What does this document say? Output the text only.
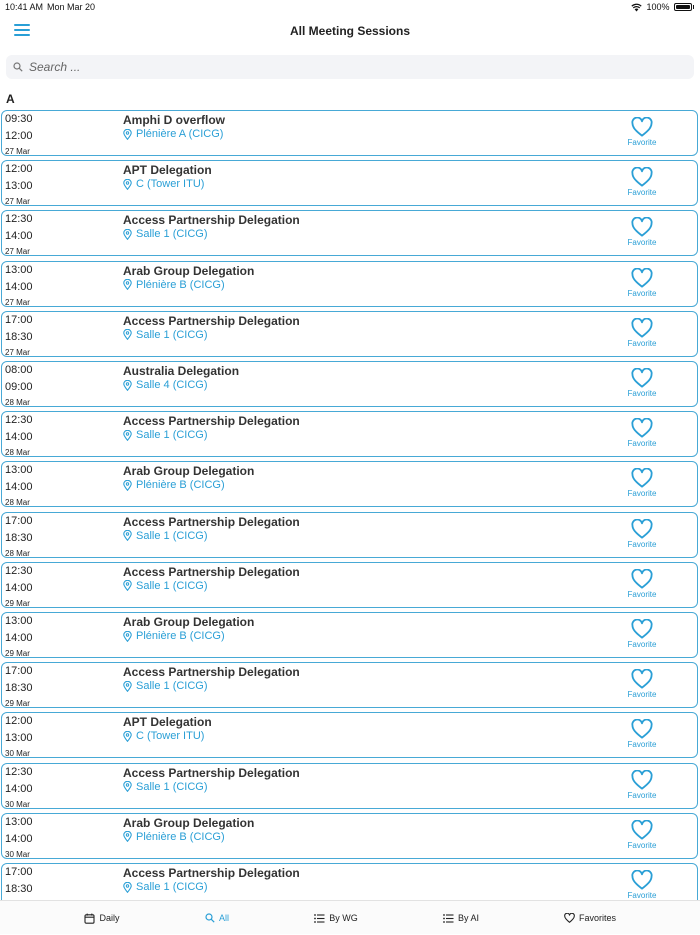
10:41 AM Mon Mar 20	100%
All Meeting Sessions
Search ...
A
09:30
12:00
27 Mar
Amphi D overflow
Plénière A (CICG)
Favorite
12:00
13:00
27 Mar
APT Delegation
C (Tower ITU)
Favorite
12:30
14:00
27 Mar
Access Partnership Delegation
Salle 1 (CICG)
Favorite
13:00
14:00
27 Mar
Arab Group Delegation
Plénière B (CICG)
Favorite
17:00
18:30
27 Mar
Access Partnership Delegation
Salle 1 (CICG)
Favorite
08:00
09:00
28 Mar
Australia Delegation
Salle 4 (CICG)
Favorite
12:30
14:00
28 Mar
Access Partnership Delegation
Salle 1 (CICG)
Favorite
13:00
14:00
28 Mar
Arab Group Delegation
Plénière B (CICG)
Favorite
17:00
18:30
28 Mar
Access Partnership Delegation
Salle 1 (CICG)
Favorite
12:30
14:00
29 Mar
Access Partnership Delegation
Salle 1 (CICG)
Favorite
13:00
14:00
29 Mar
Arab Group Delegation
Plénière B (CICG)
Favorite
17:00
18:30
29 Mar
Access Partnership Delegation
Salle 1 (CICG)
Favorite
12:00
13:00
30 Mar
APT Delegation
C (Tower ITU)
Favorite
12:30
14:00
30 Mar
Access Partnership Delegation
Salle 1 (CICG)
Favorite
13:00
14:00
30 Mar
Arab Group Delegation
Plénière B (CICG)
Favorite
17:00
18:30
Access Partnership Delegation
Salle 1 (CICG)
Favorite
Daily	All	By WG	By AI	Favorites
